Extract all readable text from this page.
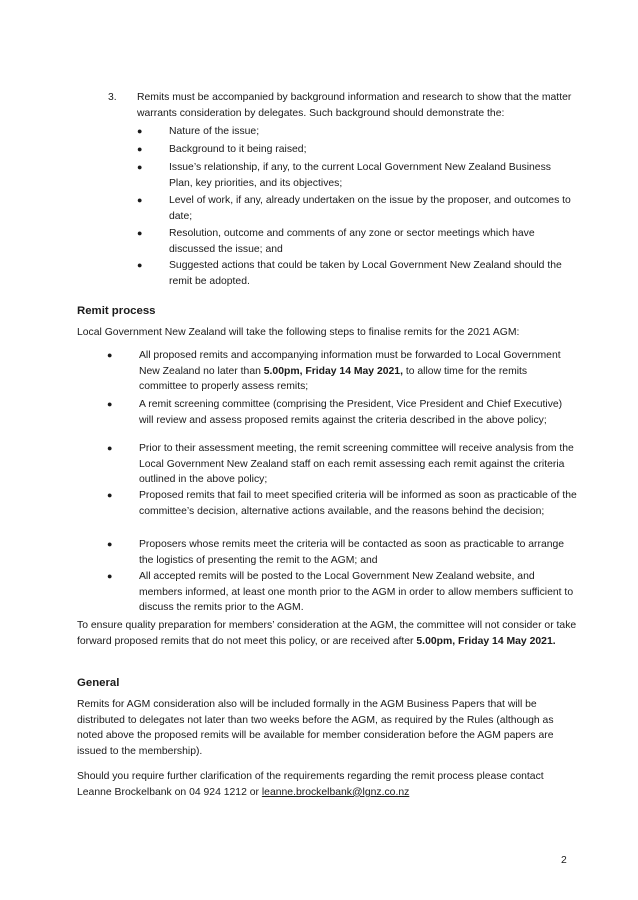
3. Remits must be accompanied by background information and research to show that the matter warrants consideration by delegates. Such background should demonstrate the:

●	Nature of the issue;

●	Background to it being raised;

●	Issue’s relationship, if any, to the current Local Government New Zealand Business Plan, key priorities, and its objectives;

●	Level of work, if any, already undertaken on the issue by the proposer, and outcomes to date;

●	Resolution, outcome and comments of any zone or sector meetings which have discussed the issue; and

●	Suggested actions that could be taken by Local Government New Zealand should the remit be adopted.

Remit process

Local Government New Zealand will take the following steps to finalise remits for the 2021 AGM:

●	All proposed remits and accompanying information must be forwarded to Local Government New Zealand no later than 5.00pm, Friday 14 May 2021, to allow time for the remits committee to properly assess remits;

●	A remit screening committee (comprising the President, Vice President and Chief Executive) will review and assess proposed remits against the criteria described in the above policy;

●	Prior to their assessment meeting, the remit screening committee will receive analysis from the Local Government New Zealand staff on each remit assessing each remit against the criteria outlined in the above policy;

●	Proposed remits that fail to meet specified criteria will be informed as soon as practicable of the committee’s decision, alternative actions available, and the reasons behind the decision;

●	Proposers whose remits meet the criteria will be contacted as soon as practicable to arrange the logistics of presenting the remit to the AGM; and

●	All accepted remits will be posted to the Local Government New Zealand website, and members informed, at least one month prior to the AGM in order to allow members sufficient to discuss the remits prior to the AGM.

To ensure quality preparation for members’ consideration at the AGM, the committee will not consider or take forward proposed remits that do not meet this policy, or are received after 5.00pm, Friday 14 May 2021.

General

Remits for AGM consideration also will be included formally in the AGM Business Papers that will be distributed to delegates not later than two weeks before the AGM, as required by the Rules (although as noted above the proposed remits will be available for member consideration before the AGM papers are issued to the membership).

Should you require further clarification of the requirements regarding the remit process please contact Leanne Brockelbank on 04 924 1212 or leanne.brockelbank@lgnz.co.nz

2
